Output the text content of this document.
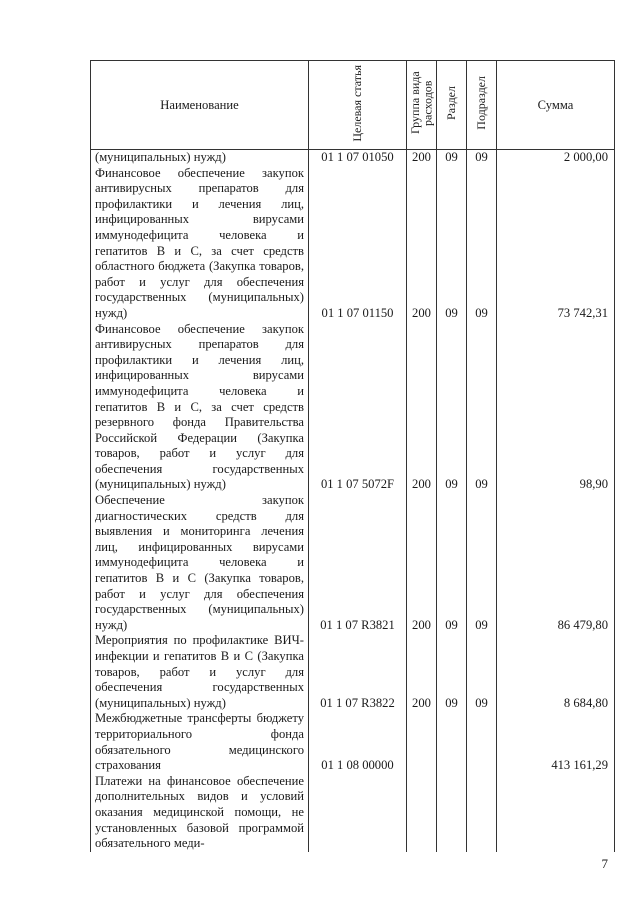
Наименование	Целевая статья	Группа вида расходов	Раздел	Подраздел	Сумма
(муниципальных) нужд)	01 1 07 01050	200	09	09	2 000,00
Финансовое обеспечение закупок антивирусных препаратов для профилактики и лечения лиц, инфицированных вирусами иммунодефицита человека и гепатитов В и С, за счет средств областного бюджета (Закупка товаров, работ и услуг для обеспечения государственных (муниципальных) нужд)	01 1 07 01150	200	09	09	73 742,31
Финансовое обеспечение закупок антивирусных препаратов для профилактики и лечения лиц, инфицированных вирусами иммунодефицита человека и гепатитов В и С, за счет средств резервного фонда Правительства Российской Федерации (Закупка товаров, работ и услуг для обеспечения государственных (муниципальных) нужд)	01 1 07 5072F	200	09	09	98,90
Обеспечение закупок диагностических средств для выявления и мониторинга лечения лиц, инфицированных вирусами иммунодефицита человека и гепатитов В и С (Закупка товаров, работ и услуг для обеспечения государственных (муниципальных) нужд)	01 1 07 R3821	200	09	09	86 479,80
Мероприятия по профилактике ВИЧ-инфекции и гепатитов В и С (Закупка товаров, работ и услуг для обеспечения государственных (муниципальных) нужд)	01 1 07 R3822	200	09	09	8 684,80
Межбюджетные трансферты бюджету территориального фонда обязательного медицинского страхования	01 1 08 00000				413 161,29
Платежи на финансовое обеспечение дополнительных видов и условий оказания медицинской помощи, не установленных базовой программой обязательного меди-					
7
